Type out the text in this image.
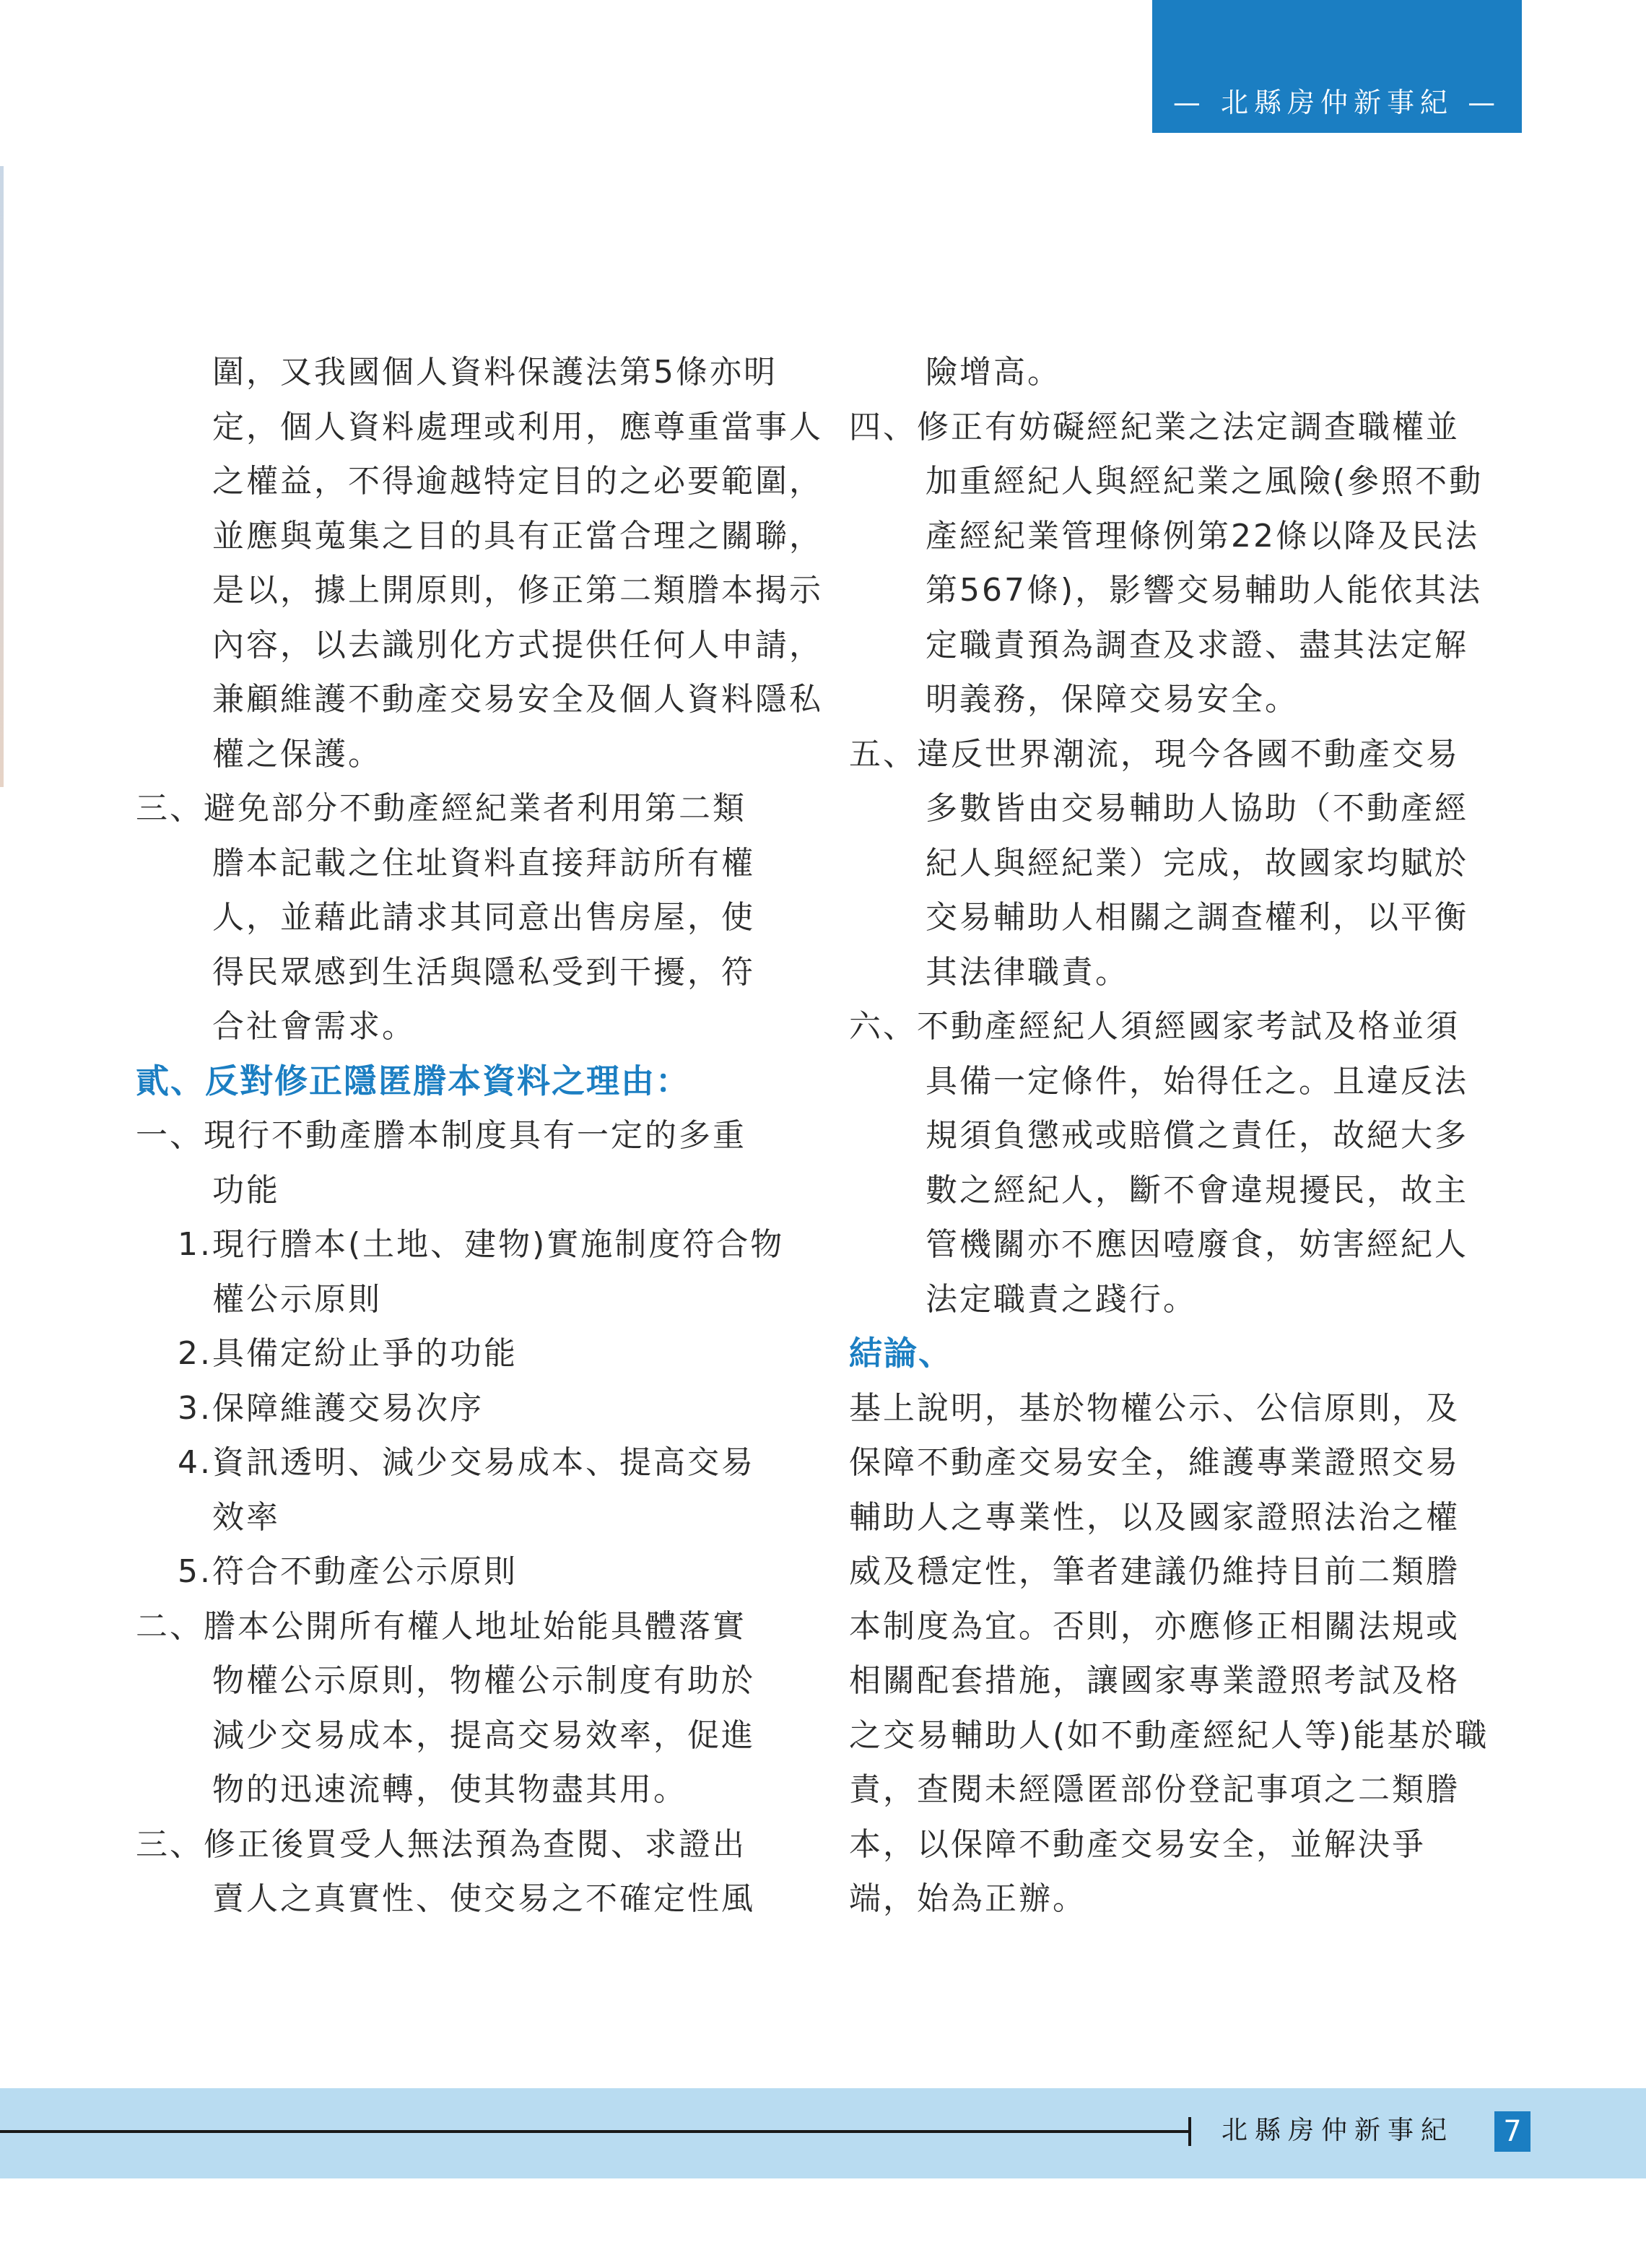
— 北縣房仲新事紀 —

圍，又我國個人資料保護法第5條亦明

定，個人資料處理或利用，應尊重當事人

之權益，不得逾越特定目的之必要範圍，

並應與蒐集之目的具有正當合理之關聯，

是以，據上開原則，修正第二類謄本揭示

內容，以去識別化方式提供任何人申請，

兼顧維護不動產交易安全及個人資料隱私

權之保護。

三、避免部分不動產經紀業者利用第二類

謄本記載之住址資料直接拜訪所有權

人，並藉此請求其同意出售房屋，使

得民眾感到生活與隱私受到干擾，符

合社會需求。

貳、反對修正隱匿謄本資料之理由：

一、現行不動產謄本制度具有一定的多重

功能

1.現行謄本(土地、建物)實施制度符合物

權公示原則

2.具備定紛止爭的功能

3.保障維護交易次序

4.資訊透明、減少交易成本、提高交易

效率

5.符合不動產公示原則

二、謄本公開所有權人地址始能具體落實

物權公示原則，物權公示制度有助於

減少交易成本，提高交易效率，促進

物的迅速流轉，使其物盡其用。

三、修正後買受人無法預為查閱、求證出

賣人之真實性、使交易之不確定性風

險增高。

四、修正有妨礙經紀業之法定調查職權並

加重經紀人與經紀業之風險(參照不動

產經紀業管理條例第22條以降及民法

第567條)，影響交易輔助人能依其法

定職責預為調查及求證、盡其法定解

明義務，保障交易安全。

五、違反世界潮流，現今各國不動產交易

多數皆由交易輔助人協助（不動產經

紀人與經紀業）完成，故國家均賦於

交易輔助人相關之調查權利，以平衡

其法律職責。

六、不動產經紀人須經國家考試及格並須

具備一定條件，始得任之。且違反法

規須負懲戒或賠償之責任，故絕大多

數之經紀人，斷不會違規擾民，故主

管機關亦不應因噎廢食，妨害經紀人

法定職責之踐行。

結論、

基上說明，基於物權公示、公信原則，及

保障不動產交易安全，維護專業證照交易

輔助人之專業性，以及國家證照法治之權

威及穩定性，筆者建議仍維持目前二類謄

本制度為宜。否則，亦應修正相關法規或

相關配套措施，讓國家專業證照考試及格

之交易輔助人(如不動產經紀人等)能基於職

責，查閱未經隱匿部份登記事項之二類謄

本，以保障不動產交易安全，並解決爭

端，始為正辦。

北縣房仲新事紀	7
